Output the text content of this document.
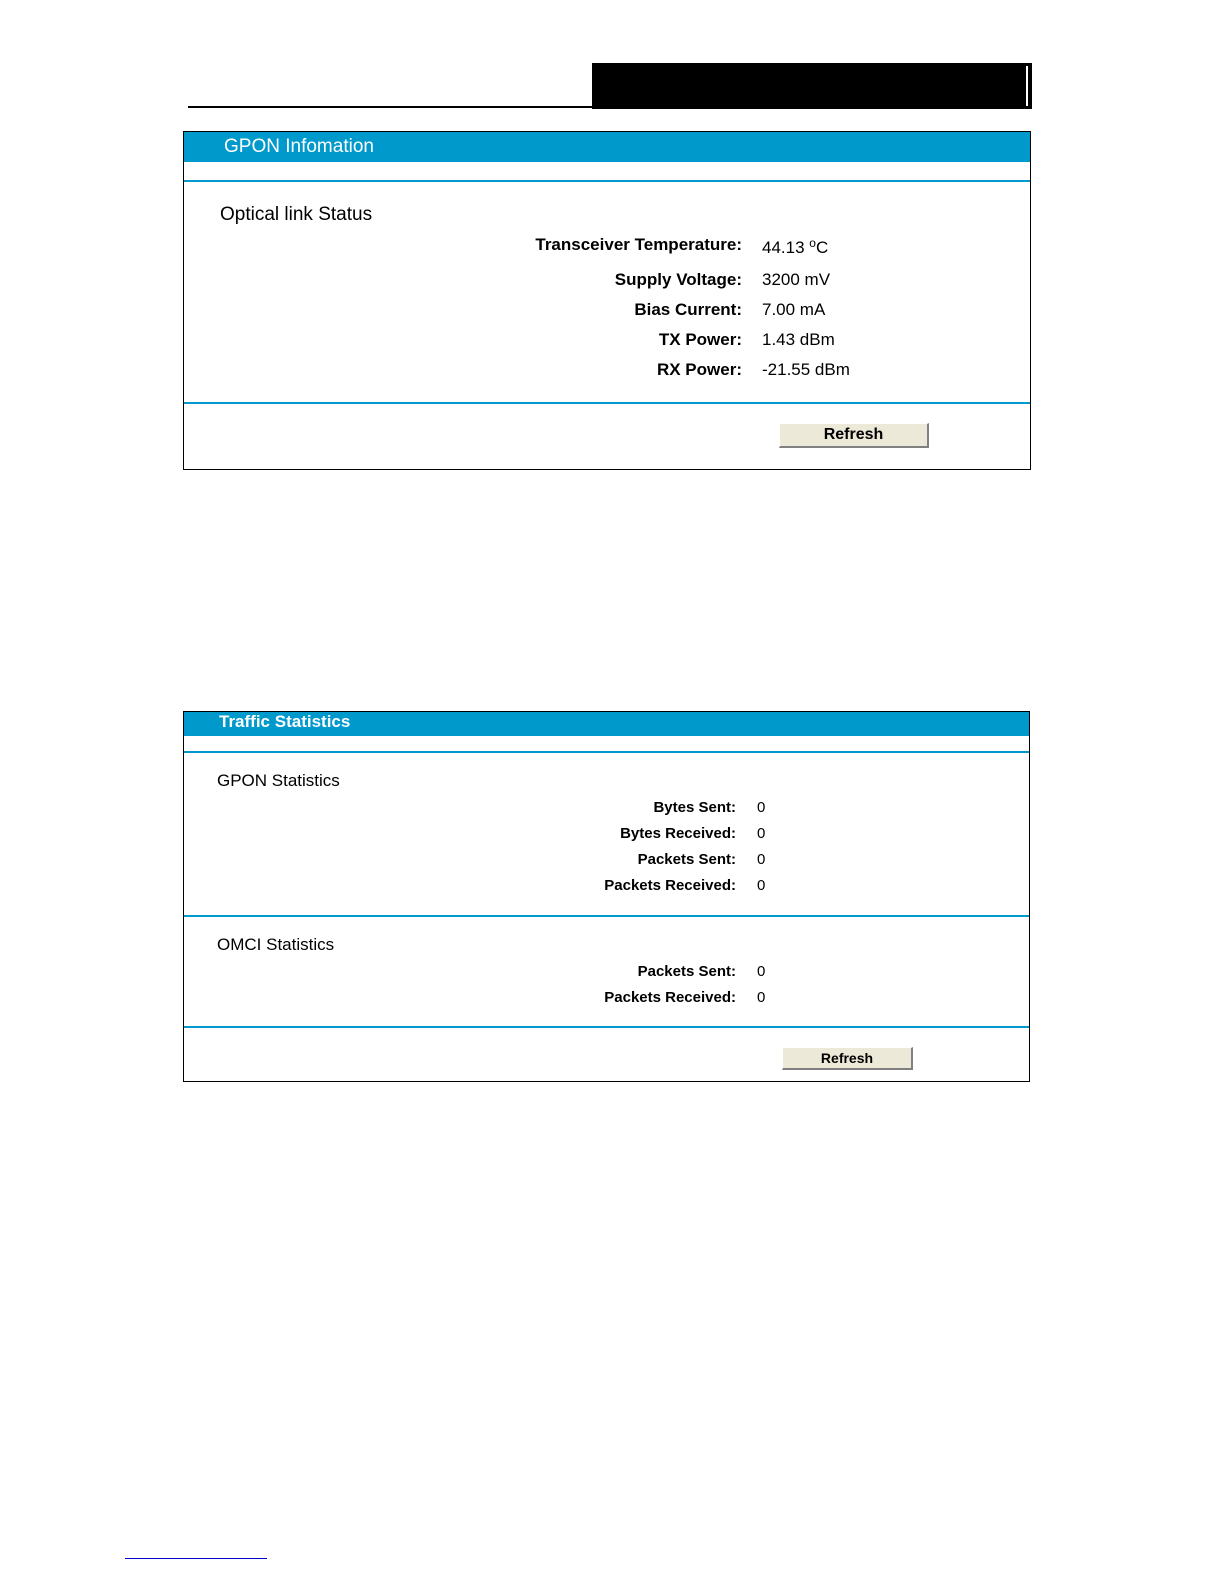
GPON Infomation
Optical link Status
Transceiver Temperature: 44.13 $^o$C
Supply Voltage: 3200 mV
Bias Current: 7.00 mA
TX Power: 1.43 dBm
RX Power: -21.55 dBm
Refresh
Traffic Statistics
GPON Statistics
Bytes Sent: 0
Bytes Received: 0
Packets Sent: 0
Packets Received: 0
OMCI Statistics
Packets Sent: 0
Packets Received: 0
Refresh
